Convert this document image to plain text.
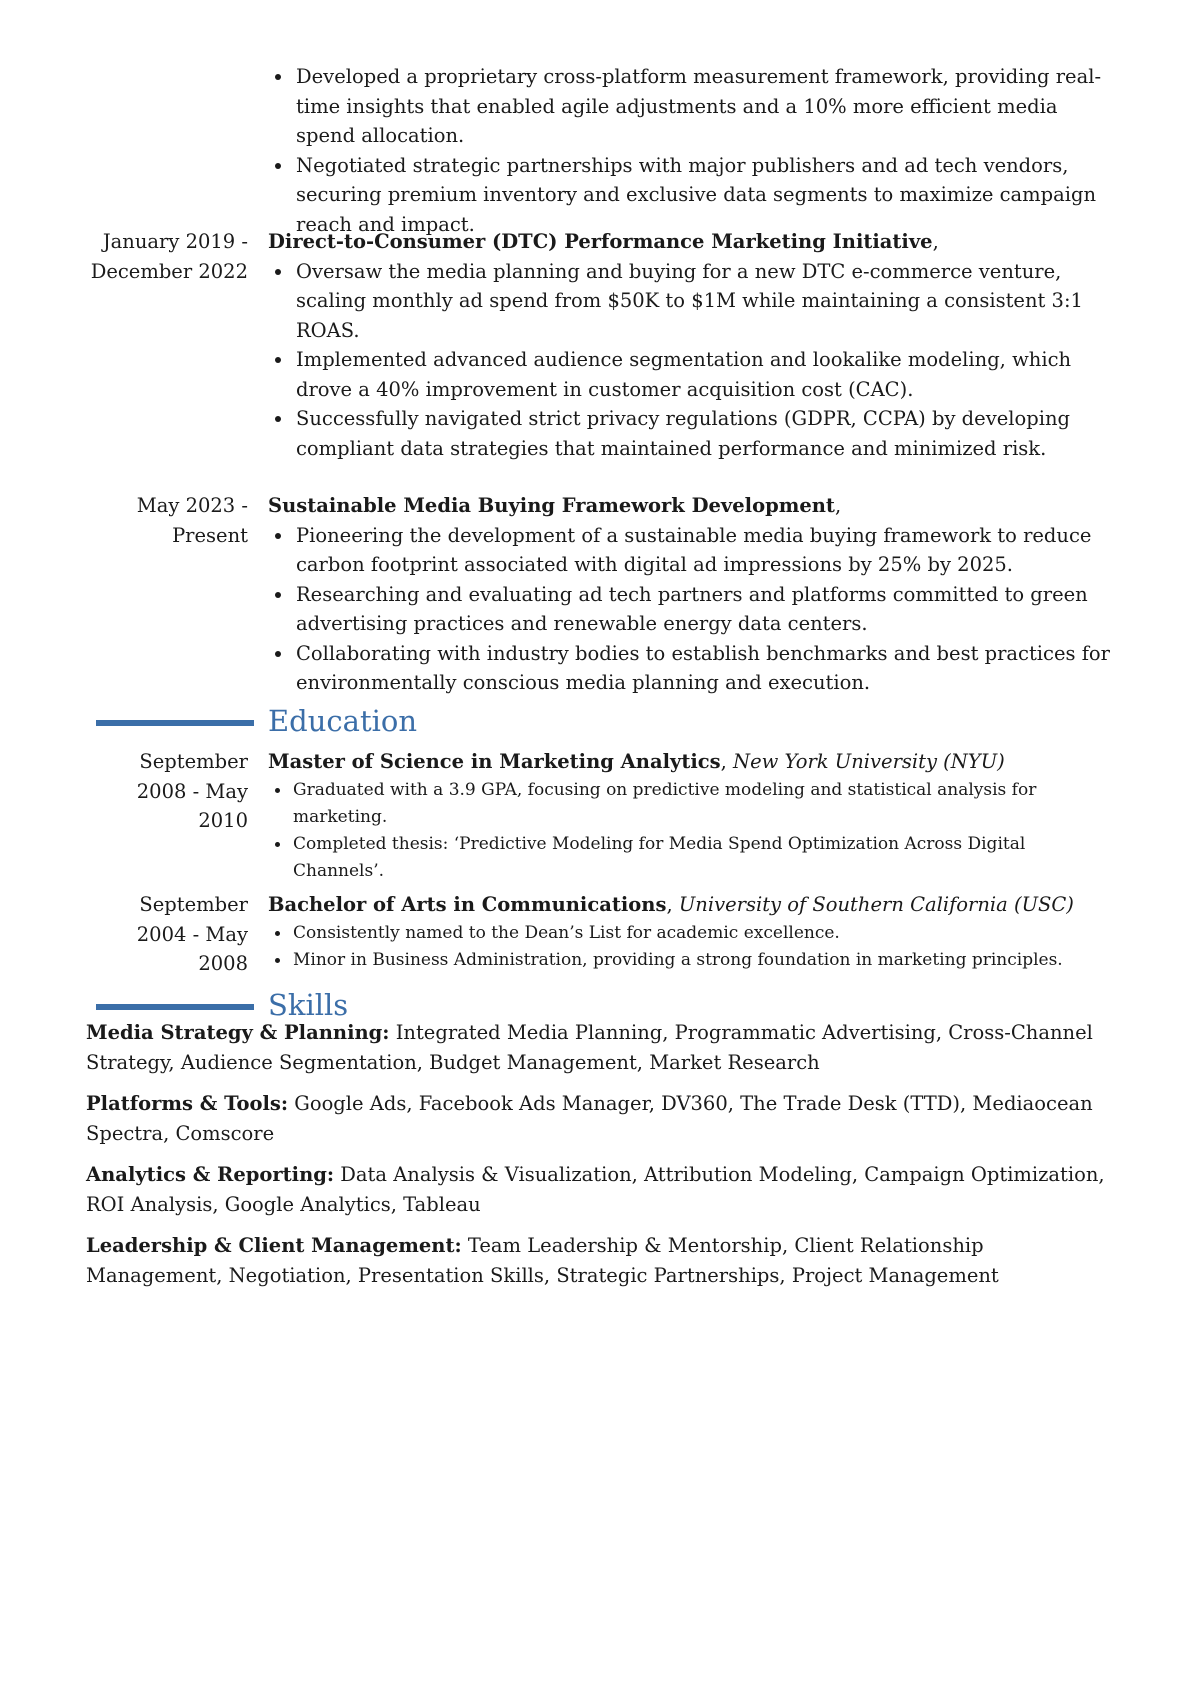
Developed a proprietary cross-platform measurement framework, providing real-time insights that enabled agile adjustments and a 10% more efficient media spend allocation.
Negotiated strategic partnerships with major publishers and ad tech vendors, securing premium inventory and exclusive data segments to maximize campaign reach and impact.
January 2019 -
December 2022
Direct-to-Consumer (DTC) Performance Marketing Initiative,
Oversaw the media planning and buying for a new DTC e-commerce venture, scaling monthly ad spend from $50K to $1M while maintaining a consistent 3:1 ROAS.
Implemented advanced audience segmentation and lookalike modeling, which drove a 40% improvement in customer acquisition cost (CAC).
Successfully navigated strict privacy regulations (GDPR, CCPA) by developing compliant data strategies that maintained performance and minimized risk.
May 2023 -
Present
Sustainable Media Buying Framework Development,
Pioneering the development of a sustainable media buying framework to reduce carbon footprint associated with digital ad impressions by 25% by 2025.
Researching and evaluating ad tech partners and platforms committed to green advertising practices and renewable energy data centers.
Collaborating with industry bodies to establish benchmarks and best practices for environmentally conscious media planning and execution.
Education
September
2008 - May
2010
Master of Science in Marketing Analytics, New York University (NYU)
Graduated with a 3.9 GPA, focusing on predictive modeling and statistical analysis for marketing.
Completed thesis: ‘Predictive Modeling for Media Spend Optimization Across Digital Channels’.
September
2004 - May
2008
Bachelor of Arts in Communications, University of Southern California (USC)
Consistently named to the Dean’s List for academic excellence.
Minor in Business Administration, providing a strong foundation in marketing principles.
Skills
Media Strategy & Planning: Integrated Media Planning, Programmatic Advertising, Cross-Channel Strategy, Audience Segmentation, Budget Management, Market Research
Platforms & Tools: Google Ads, Facebook Ads Manager, DV360, The Trade Desk (TTD), Mediaocean Spectra, Comscore
Analytics & Reporting: Data Analysis & Visualization, Attribution Modeling, Campaign Optimization, ROI Analysis, Google Analytics, Tableau
Leadership & Client Management: Team Leadership & Mentorship, Client Relationship Management, Negotiation, Presentation Skills, Strategic Partnerships, Project Management
